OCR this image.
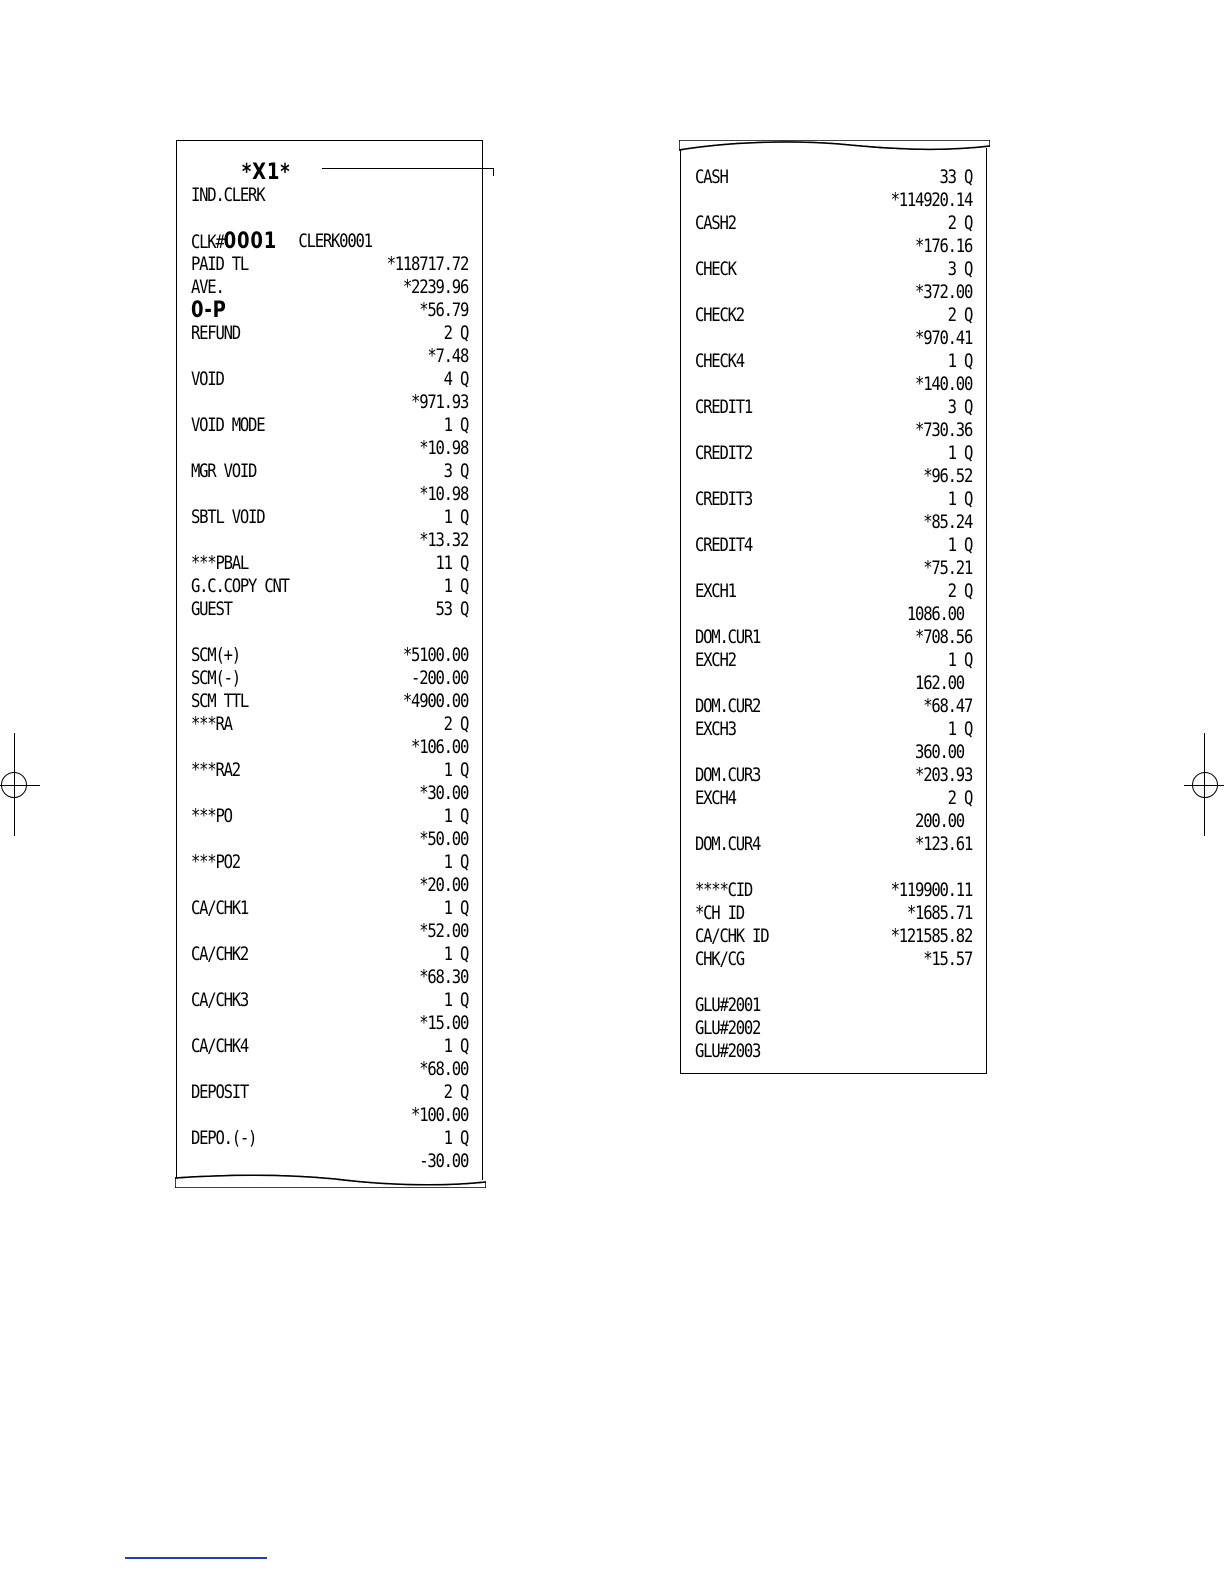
*X1*
IND.CLERK
CLK#0001 CLERK0001
PAID TL	*118717.72
AVE.	*2239.96
0-P	*56.79
REFUND	2 Q
*7.48
VOID	4 Q
*971.93
VOID MODE	1 Q
*10.98
MGR VOID	3 Q
*10.98
SBTL VOID	1 Q
*13.32
***PBAL	11 Q
G.C.COPY CNT	1 Q
GUEST	53 Q
SCM(+)	*5100.00
SCM(-)	-200.00
SCM TTL	*4900.00
***RA	2 Q
*106.00
***RA2	1 Q
*30.00
***PO	1 Q
*50.00
***PO2	1 Q
*20.00
CA/CHK1	1 Q
*52.00
CA/CHK2	1 Q
*68.30
CA/CHK3	1 Q
*15.00
CA/CHK4	1 Q
*68.00
DEPOSIT	2 Q
*100.00
DEPO.(-)	1 Q
-30.00
CASH	33 Q
*114920.14
CASH2	2 Q
*176.16
CHECK	3 Q
*372.00
CHECK2	2 Q
*970.41
CHECK4	1 Q
*140.00
CREDIT1	3 Q
*730.36
CREDIT2	1 Q
*96.52
CREDIT3	1 Q
*85.24
CREDIT4	1 Q
*75.21
EXCH1	2 Q
1086.00
DOM.CUR1	*708.56
EXCH2	1 Q
162.00
DOM.CUR2	*68.47
EXCH3	1 Q
360.00
DOM.CUR3	*203.93
EXCH4	2 Q
200.00
DOM.CUR4	*123.61
****CID	*119900.11
*CH ID	*1685.71
CA/CHK ID	*121585.82
CHK/CG	*15.57
GLU#2001
GLU#2002
GLU#2003
